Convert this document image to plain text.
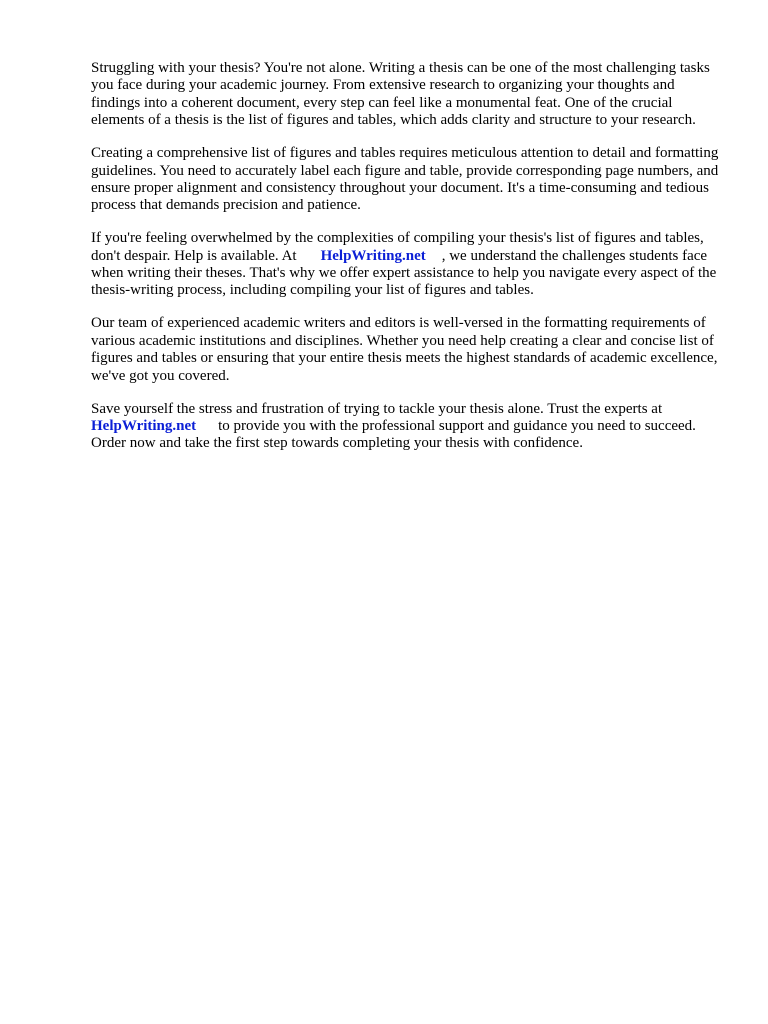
Struggling with your thesis? You're not alone. Writing a thesis can be one of the most challenging tasks you face during your academic journey. From extensive research to organizing your thoughts and findings into a coherent document, every step can feel like a monumental feat. One of the crucial elements of a thesis is the list of figures and tables, which adds clarity and structure to your research.

Creating a comprehensive list of figures and tables requires meticulous attention to detail and formatting guidelines. You need to accurately label each figure and table, provide corresponding page numbers, and ensure proper alignment and consistency throughout your document. It's a time-consuming and tedious process that demands precision and patience.

If you're feeling overwhelmed by the complexities of compiling your thesis's list of figures and tables, don't despair. Help is available. At HelpWriting.net , we understand the challenges students face when writing their theses. That's why we offer expert assistance to help you navigate every aspect of the thesis-writing process, including compiling your list of figures and tables.

Our team of experienced academic writers and editors is well-versed in the formatting requirements of various academic institutions and disciplines. Whether you need help creating a clear and concise list of figures and tables or ensuring that your entire thesis meets the highest standards of academic excellence, we've got you covered.

Save yourself the stress and frustration of trying to tackle your thesis alone. Trust the experts at HelpWriting.net to provide you with the professional support and guidance you need to succeed. Order now and take the first step towards completing your thesis with confidence.
